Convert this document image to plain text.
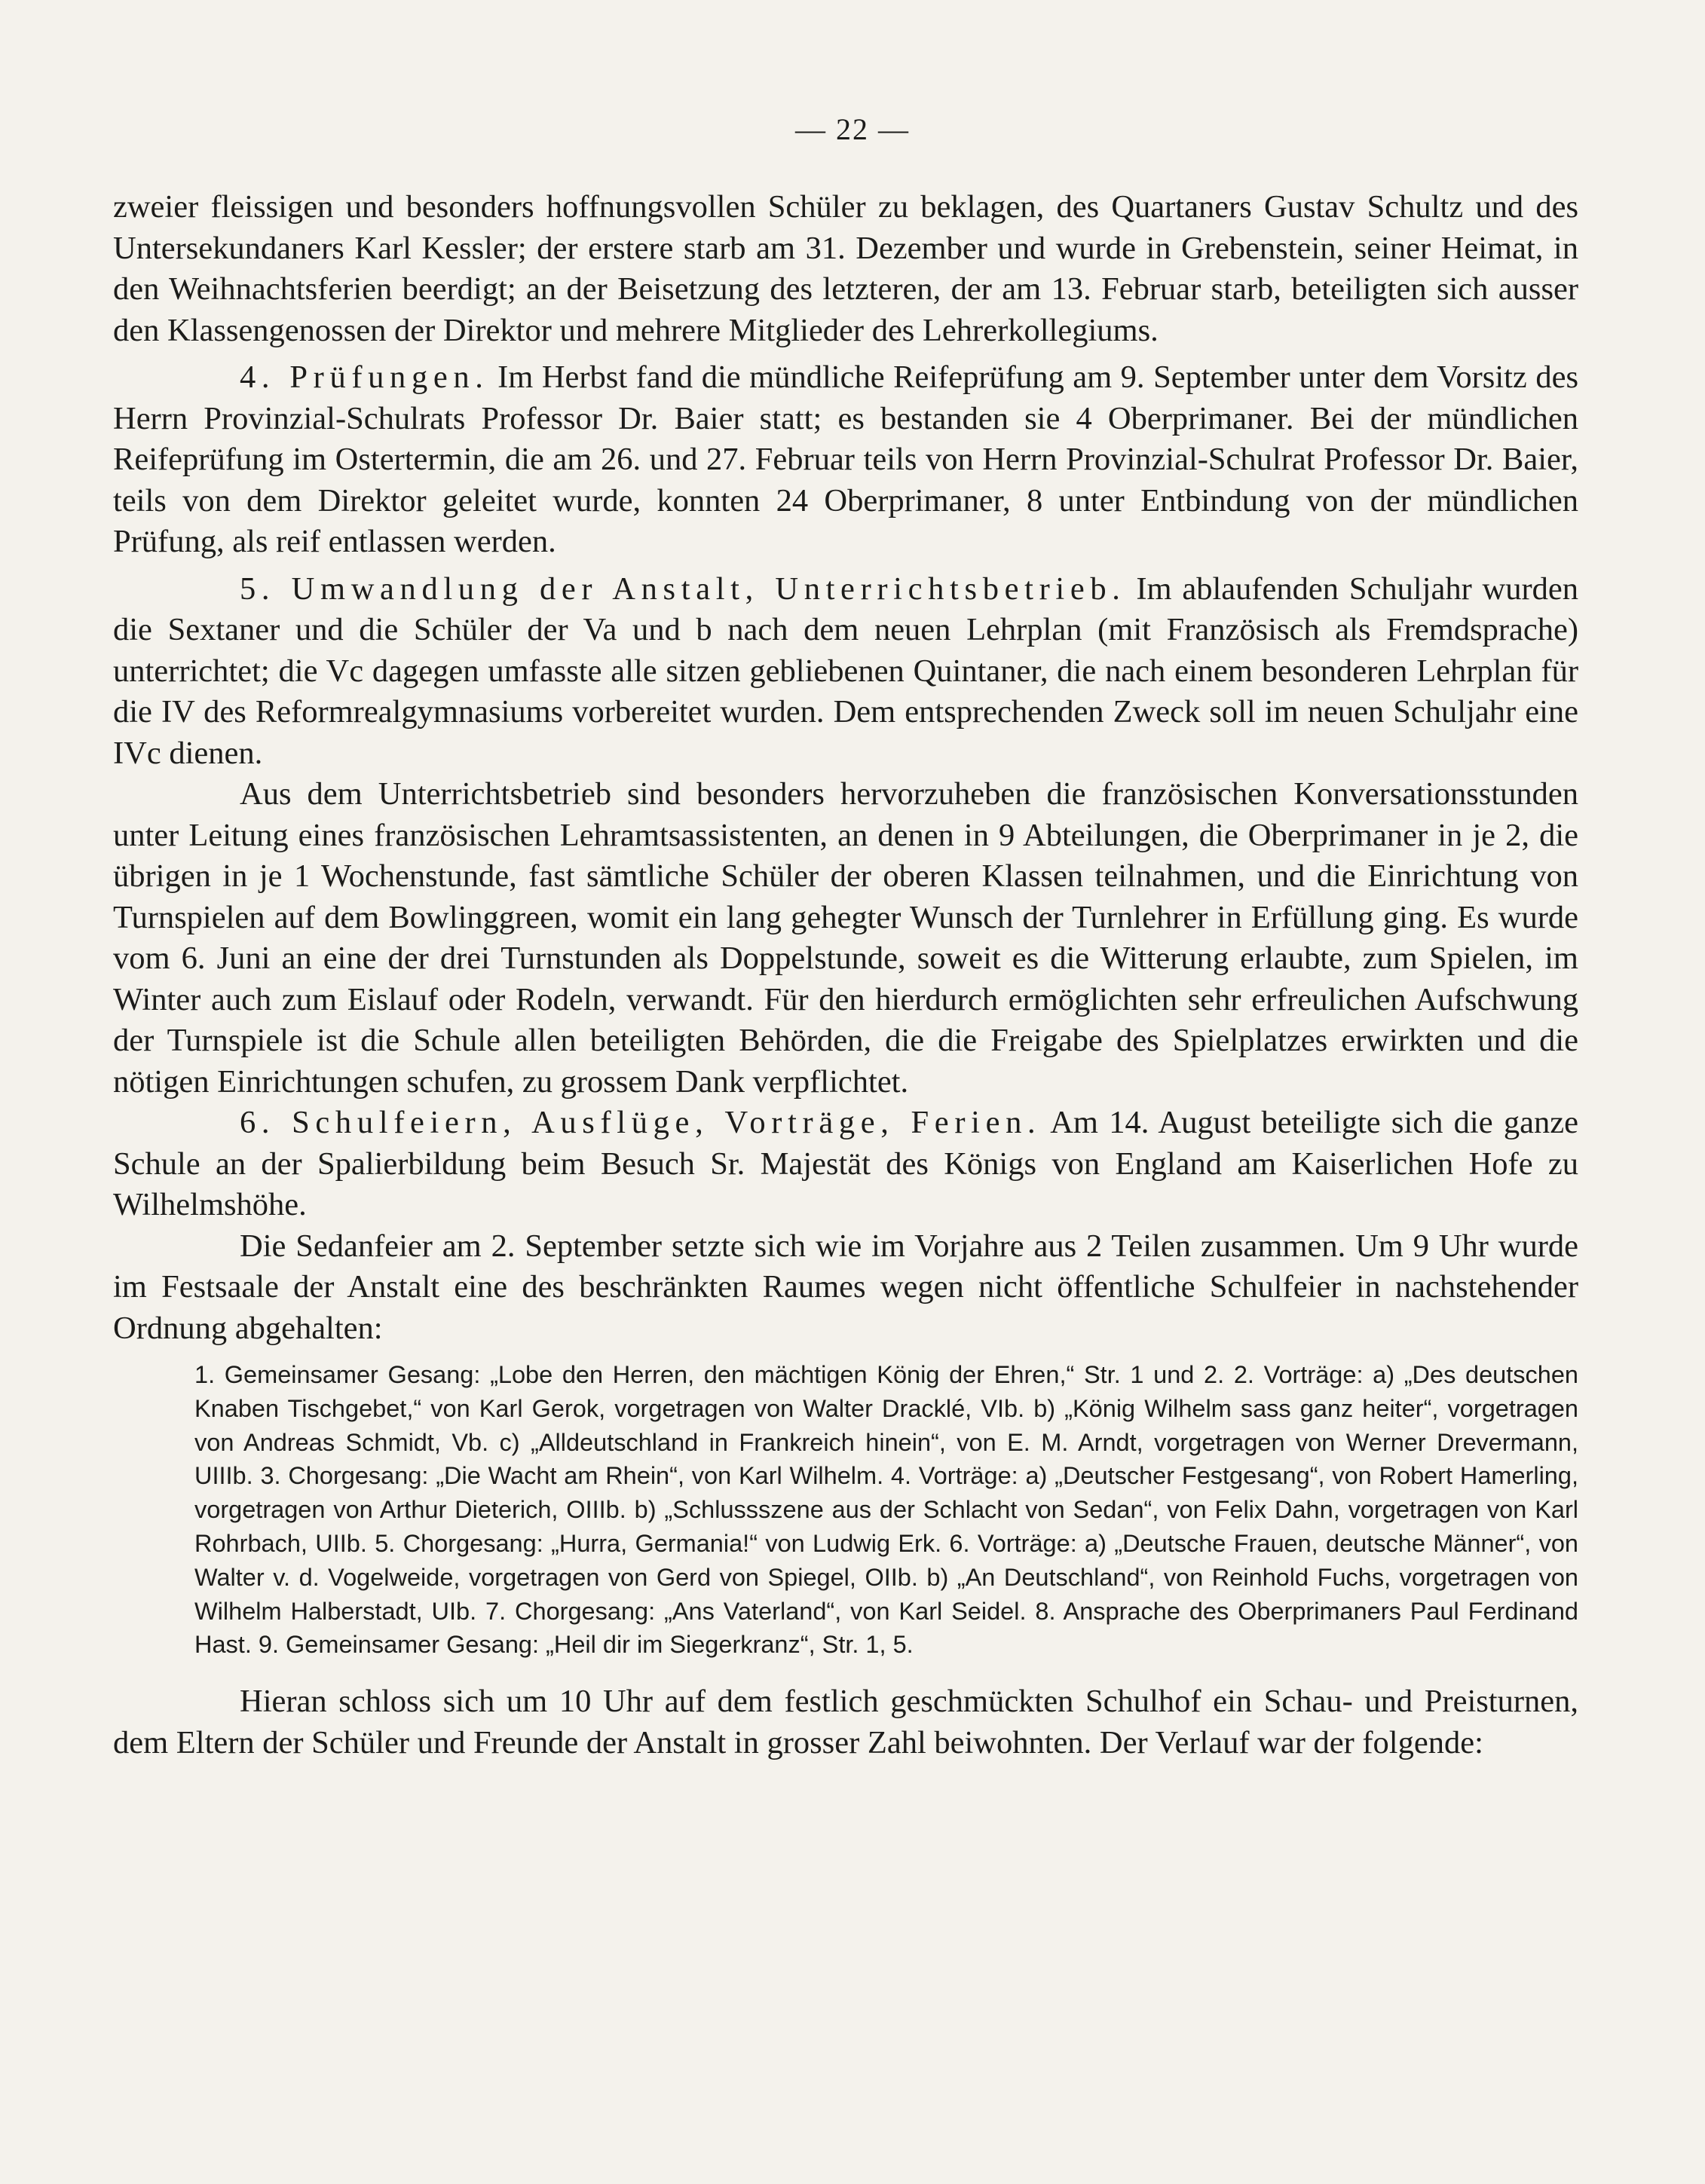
— 22 —

zweier fleissigen und besonders hoffnungsvollen Schüler zu beklagen, des Quartaners Gustav Schultz und des Untersekundaners Karl Kessler; der erstere starb am 31. Dezember und wurde in Grebenstein, seiner Heimat, in den Weihnachtsferien beerdigt; an der Beisetzung des letzteren, der am 13. Februar starb, beteiligten sich ausser den Klassengenossen der Direktor und mehrere Mitglieder des Lehrerkollegiums.

4. Prüfungen. Im Herbst fand die mündliche Reifeprüfung am 9. September unter dem Vorsitz des Herrn Provinzial-Schulrats Professor Dr. Baier statt; es bestanden sie 4 Oberprimaner. Bei der mündlichen Reifeprüfung im Ostertermin, die am 26. und 27. Februar teils von Herrn Provinzial-Schulrat Professor Dr. Baier, teils von dem Direktor geleitet wurde, konnten 24 Oberprimaner, 8 unter Entbindung von der mündlichen Prüfung, als reif entlassen werden.

5. Umwandlung der Anstalt, Unterrichtsbetrieb. Im ablaufenden Schuljahr wurden die Sextaner und die Schüler der Va und b nach dem neuen Lehrplan (mit Französisch als Fremdsprache) unterrichtet; die Vc dagegen umfasste alle sitzen gebliebenen Quintaner, die nach einem besonderen Lehrplan für die IV des Reformrealgymnasiums vorbereitet wurden. Dem entsprechenden Zweck soll im neuen Schuljahr eine IVc dienen.

Aus dem Unterrichtsbetrieb sind besonders hervorzuheben die französischen Konversationsstunden unter Leitung eines französischen Lehramtsassistenten, an denen in 9 Abteilungen, die Oberprimaner in je 2, die übrigen in je 1 Wochenstunde, fast sämtliche Schüler der oberen Klassen teilnahmen, und die Einrichtung von Turnspielen auf dem Bowlinggreen, womit ein lang gehegter Wunsch der Turnlehrer in Erfüllung ging. Es wurde vom 6. Juni an eine der drei Turnstunden als Doppelstunde, soweit es die Witterung erlaubte, zum Spielen, im Winter auch zum Eislauf oder Rodeln, verwandt. Für den hierdurch ermöglichten sehr erfreulichen Aufschwung der Turnspiele ist die Schule allen beteiligten Behörden, die die Freigabe des Spielplatzes erwirkten und die nötigen Einrichtungen schufen, zu grossem Dank verpflichtet.

6. Schulfeiern, Ausflüge, Vorträge, Ferien. Am 14. August beteiligte sich die ganze Schule an der Spalierbildung beim Besuch Sr. Majestät des Königs von England am Kaiserlichen Hofe zu Wilhelmshöhe.

Die Sedanfeier am 2. September setzte sich wie im Vorjahre aus 2 Teilen zusammen. Um 9 Uhr wurde im Festsaale der Anstalt eine des beschränkten Raumes wegen nicht öffentliche Schulfeier in nachstehender Ordnung abgehalten:

1. Gemeinsamer Gesang: „Lobe den Herren, den mächtigen König der Ehren,“ Str. 1 und 2. 2. Vorträge: a) „Des deutschen Knaben Tischgebet,“ von Karl Gerok, vorgetragen von Walter Dracklé, VIb. b) „König Wilhelm sass ganz heiter“, vorgetragen von Andreas Schmidt, Vb. c) „Alldeutschland in Frankreich hinein“, von E. M. Arndt, vorgetragen von Werner Drevermann, UIIIb. 3. Chorgesang: „Die Wacht am Rhein“, von Karl Wilhelm. 4. Vorträge: a) „Deutscher Festgesang“, von Robert Hamerling, vorgetragen von Arthur Dieterich, OIIIb. b) „Schlussszene aus der Schlacht von Sedan“, von Felix Dahn, vorgetragen von Karl Rohrbach, UIIb. 5. Chorgesang: „Hurra, Germania!“ von Ludwig Erk. 6. Vorträge: a) „Deutsche Frauen, deutsche Männer“, von Walter v. d. Vogelweide, vorgetragen von Gerd von Spiegel, OIIb. b) „An Deutschland“, von Reinhold Fuchs, vorgetragen von Wilhelm Halberstadt, UIb. 7. Chorgesang: „Ans Vaterland“, von Karl Seidel. 8. Ansprache des Oberprimaners Paul Ferdinand Hast. 9. Gemeinsamer Gesang: „Heil dir im Siegerkranz“, Str. 1, 5.

Hieran schloss sich um 10 Uhr auf dem festlich geschmückten Schulhof ein Schau- und Preisturnen, dem Eltern der Schüler und Freunde der Anstalt in grosser Zahl beiwohnten. Der Verlauf war der folgende:
